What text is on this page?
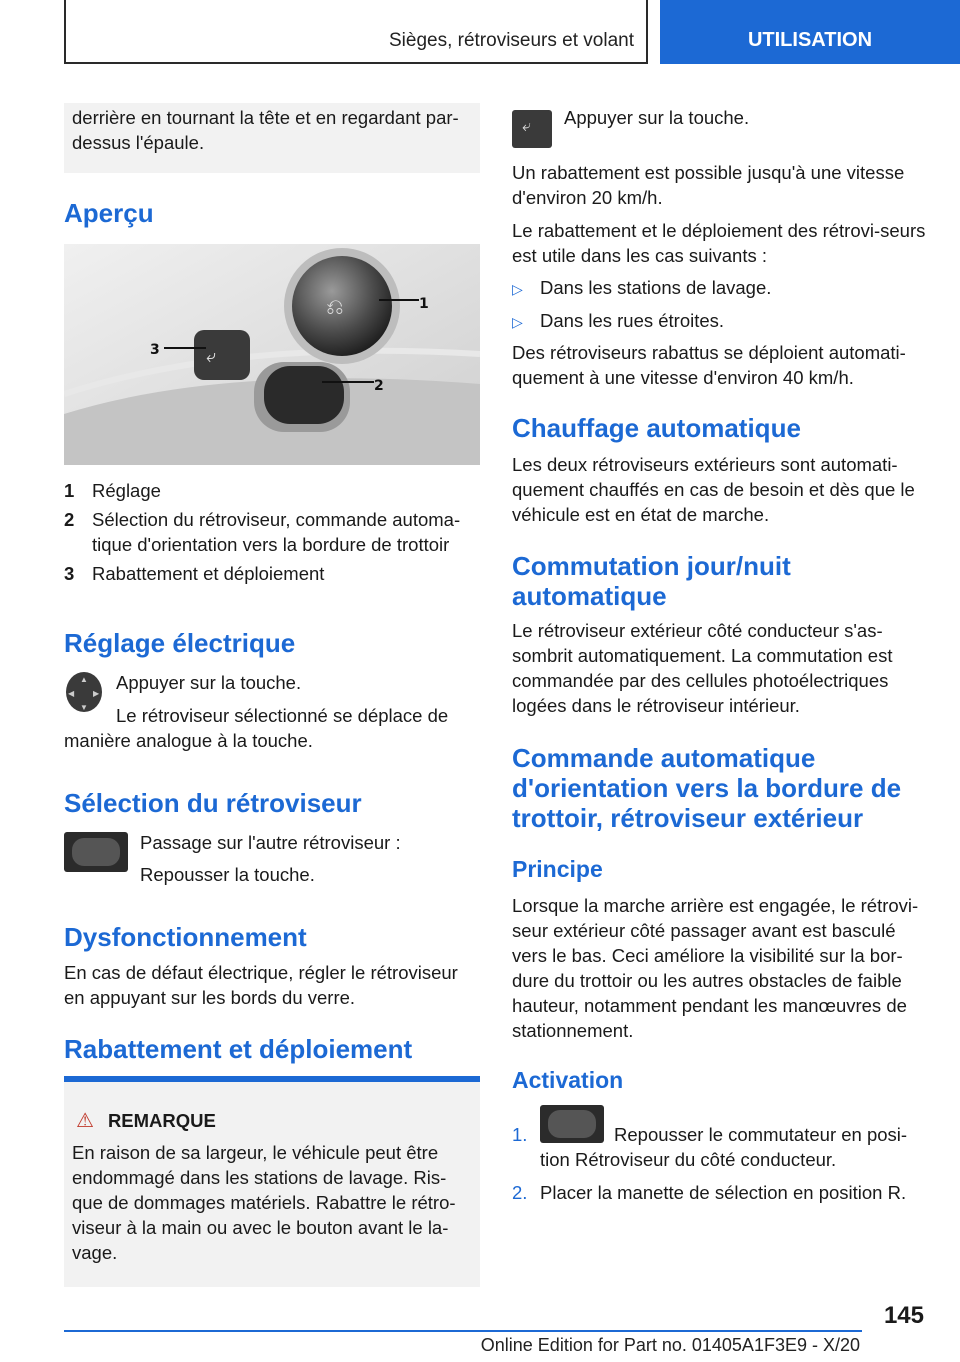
Sièges, rétroviseurs et volant	UTILISATION

derrière en tournant la tête et en regardant par-dessus l'épaule.

Aperçu
⎌	1
2
⤶
3
1 Réglage
2 Sélection du rétroviseur, commande automa-tique d'orientation vers la bordure de trottoir
3 Rabattement et déploiement
Réglage électrique
▲
▼
◀ ▶

Appuyer sur la touche.

Le rétroviseur sélectionné se déplace de manière analogue à la touche.

Sélection du rétroviseur

Passage sur l'autre rétroviseur :

Repousser la touche.

Dysfonctionnement

En cas de défaut électrique, régler le rétroviseur en appuyant sur les bords du verre.

Rabattement et déploiement
⚠ REMARQUE

En raison de sa largeur, le véhicule peut être endommagé dans les stations de lavage. Ris-que de dommages matériels. Rabattre le rétro-viseur à la main ou avec le bouton avant le la-vage.

⤶ Appuyer sur la touche.

Un rabattement est possible jusqu'à une vitesse d'environ 20 km/h.

Le rabattement et le déploiement des rétrovi-seurs est utile dans les cas suivants :

▷ Dans les stations de lavage.
▷ Dans les rues étroites.

Des rétroviseurs rabattus se déploient automati-quement à une vitesse d'environ 40 km/h.

Chauffage automatique

Les deux rétroviseurs extérieurs sont automati-quement chauffés en cas de besoin et dès que le véhicule est en état de marche.

Commutation jour/nuit
automatique

Le rétroviseur extérieur côté conducteur s'as-sombrit automatiquement. La commutation est commandée par des cellules photoélectriques logées dans le rétroviseur intérieur.

Commande automatique
d'orientation vers la bordure de
trottoir, rétroviseur extérieur
Principe

Lorsque la marche arrière est engagée, le rétrovi-seur extérieur côté passager avant est basculé vers le bas. Ceci améliore la visibilité sur la bor-dure du trottoir ou les autres obstacles de faible hauteur, notamment pendant les manœuvres de stationnement.

Activation
1.	Repousser le commutateur en posi-tion Rétroviseur du côté conducteur.

2. Placer la manette de sélection en position R.
145
Online Edition for Part no. 01405A1F3E9 - X/20
